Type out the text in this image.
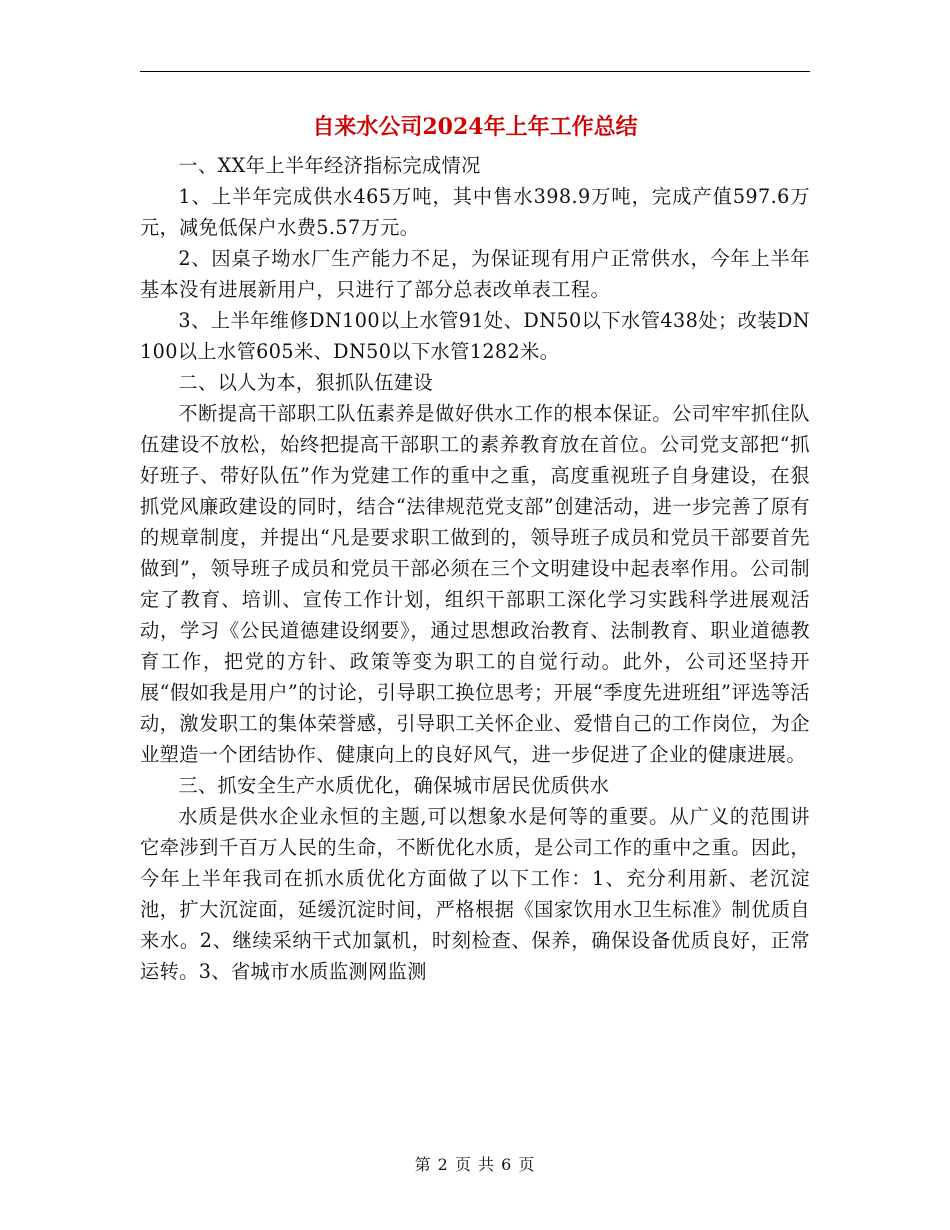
自来水公司2024年上年工作总结

一、XX年上半年经济指标完成情况

1、上半年完成供水465万吨，其中售水398.9万吨，完成产值597.6万元，减免低保户水费5.57万元。

2、因桌子坳水厂生产能力不足，为保证现有用户正常供水，今年上半年基本没有进展新用户，只进行了部分总表改单表工程。

3、上半年维修DN100以上水管91处、DN50以下水管438处；改装DN100以上水管605米、DN50以下水管1282米。

二、以人为本，狠抓队伍建设

不断提高干部职工队伍素养是做好供水工作的根本保证。公司牢牢抓住队伍建设不放松，始终把提高干部职工的素养教育放在首位。公司党支部把“抓好班子、带好队伍”作为党建工作的重中之重，高度重视班子自身建设，在狠抓党风廉政建设的同时，结合“法律规范党支部”创建活动，进一步完善了原有的规章制度，并提出“凡是要求职工做到的，领导班子成员和党员干部要首先做到”，领导班子成员和党员干部必须在三个文明建设中起表率作用。公司制定了教育、培训、宣传工作计划，组织干部职工深化学习实践科学进展观活动，学习《公民道德建设纲要》，通过思想政治教育、法制教育、职业道德教育工作，把党的方针、政策等变为职工的自觉行动。此外，公司还坚持开展“假如我是用户”的讨论，引导职工换位思考；开展“季度先进班组”评选等活动，激发职工的集体荣誉感，引导职工关怀企业、爱惜自己的工作岗位，为企业塑造一个团结协作、健康向上的良好风气，进一步促进了企业的健康进展。

三、抓安全生产水质优化，确保城市居民优质供水

水质是供水企业永恒的主题,可以想象水是何等的重要。从广义的范围讲它牵涉到千百万人民的生命，不断优化水质，是公司工作的重中之重。因此，今年上半年我司在抓水质优化方面做了以下工作：1、充分利用新、老沉淀池，扩大沉淀面，延缓沉淀时间，严格根据《国家饮用水卫生标准》制优质自来水。2、继续采纳干式加氯机，时刻检查、保养，确保设备优质良好，正常运转。3、省城市水质监测网监测

第 2 页 共 6 页
